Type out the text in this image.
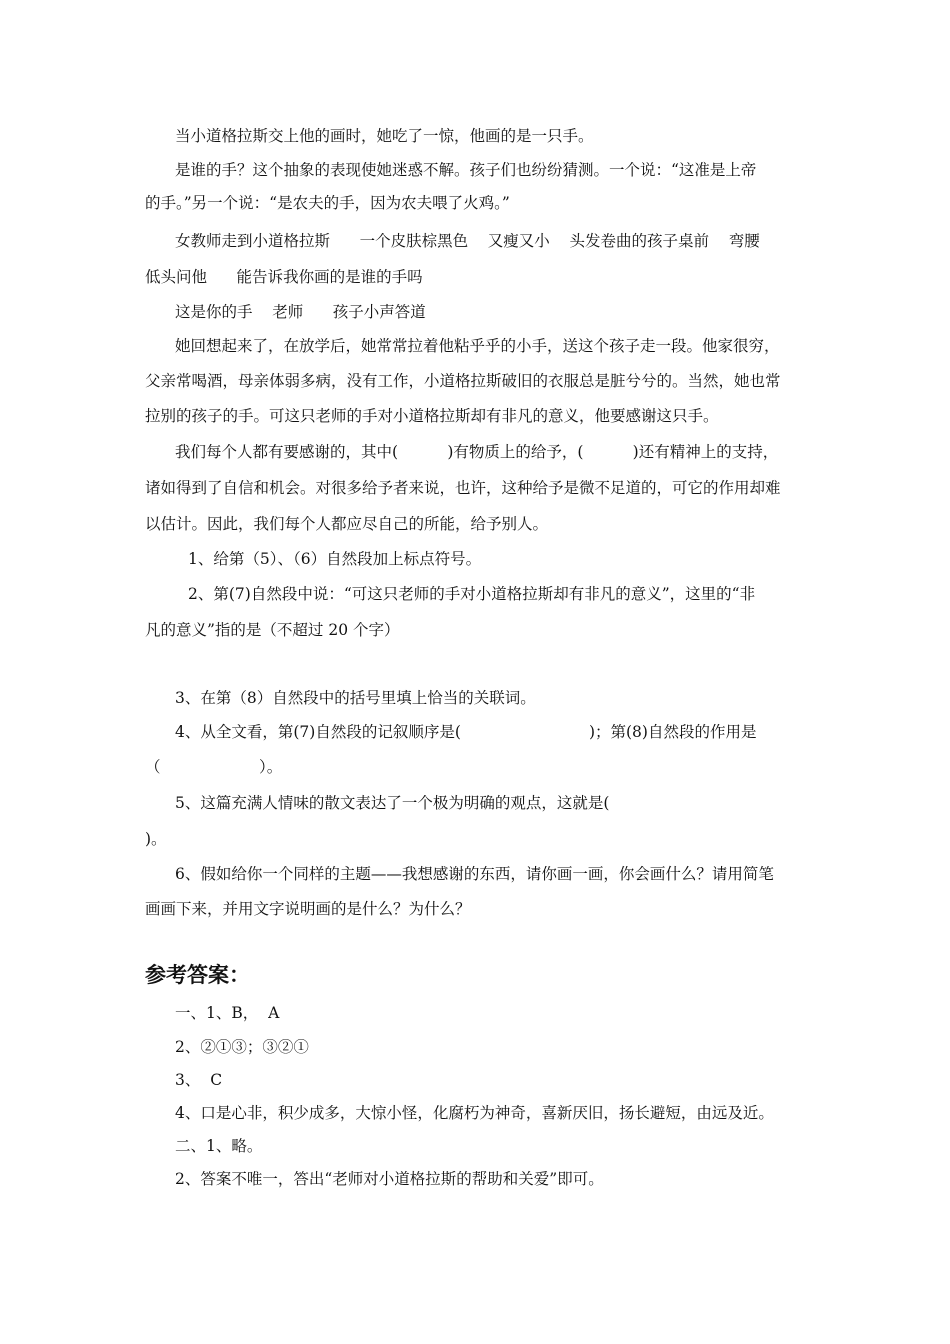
当小道格拉斯交上他的画时，她吃了一惊，他画的是一只手。
是谁的手？这个抽象的表现使她迷惑不解。孩子们也纷纷猜测。一个说：“这准是上帝
的手。”另一个说：“是农夫的手，因为农夫喂了火鸡。”
女教师走到小道格拉斯      一个皮肤棕黑色    又瘦又小    头发卷曲的孩子桌前    弯腰
低头问他      能告诉我你画的是谁的手吗
这是你的手    老师      孩子小声答道
她回想起来了，在放学后，她常常拉着他粘乎乎的小手，送这个孩子走一段。他家很穷，
父亲常喝酒，母亲体弱多病，没有工作，小道格拉斯破旧的衣服总是脏兮兮的。当然，她也常
拉别的孩子的手。可这只老师的手对小道格拉斯却有非凡的意义，他要感谢这只手。
我们每个人都有要感谢的，其中(          )有物质上的给予，(          )还有精神上的支持，
诸如得到了自信和机会。对很多给予者来说，也许，这种给予是微不足道的，可它的作用却难
以估计。因此，我们每个人都应尽自己的所能，给予别人。
1、给第（5）、（6）自然段加上标点符号。
2、第(7)自然段中说：“可这只老师的手对小道格拉斯却有非凡的意义”，这里的“非
凡的意义”指的是（不超过 20 个字）
3、在第（8）自然段中的括号里填上恰当的关联词。
4、从全文看，第(7)自然段的记叙顺序是(                          )；第(8)自然段的作用是
（                    ）。
5、这篇充满人情味的散文表达了一个极为明确的观点，这就是(
)。
6、假如给你一个同样的主题——我想感谢的东西，请你画一画，你会画什么？请用简笔
画画下来，并用文字说明画的是什么？为什么？
参考答案：
一、1、B，  A
2、②①③；③②①
3、  C
4、口是心非，积少成多，大惊小怪，化腐朽为神奇，喜新厌旧，扬长避短，由远及近。
二、1、略。
2、答案不唯一，答出“老师对小道格拉斯的帮助和关爱”即可。
